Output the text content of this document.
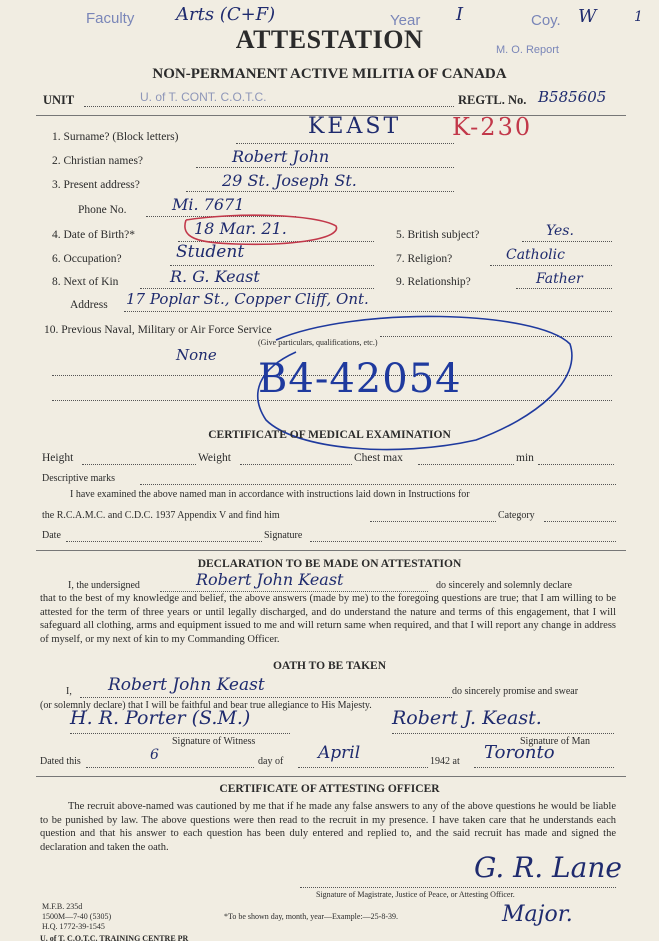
Faculty Arts (C+F)	Year I	Coy. W	1
M. O. Report
ATTESTATION
NON-PERMANENT ACTIVE MILITIA OF CANADA
UNIT	U. of T. CONT. C.O.T.C.	REGTL. No. B585605
1. Surname? (Block letters)	KEAST K-230
2. Christian names?	Robert John
3. Present address?	29 St. Joseph St.
Phone No.	Mi. 7671
4. Date of Birth?*	18 Mar. 21.	5. British subject?	Yes.
6. Occupation?	Student	7. Religion?	Catholic
8. Next of Kin	R. G. Keast	9. Relationship?	Father
Address 17 Poplar St., Copper Cliff, Ont.
10. Previous Naval, Military or Air Force Service
(Give particulars, qualifications, etc.)
None
B4-42054
CERTIFICATE OF MEDICAL EXAMINATION
Height	Weight	Chest max	min
Descriptive marks
I have examined the above named man in accordance with instructions laid down in Instructions for
the R.C.A.M.C. and C.D.C. 1937 Appendix V and find him	Category
Date	Signature
DECLARATION TO BE MADE ON ATTESTATION
I, the undersigned	Robert John Keast	do sincerely and solemnly declare
that to the best of my knowledge and belief, the above answers (made by me) to the foregoing questions are true; that I am willing to be attested for the term of three years or until legally discharged, and do understand the nature and terms of this engagement, that I will safeguard all clothing, arms and equipment issued to me and will return same when required, and that I will report any change in address of myself, or my next of kin to my Commanding Officer.
OATH TO BE TAKEN
I, Robert John Keast	do sincerely promise and swear
(or solemnly declare) that I will be faithful and bear true allegiance to His Majesty.
H. R. Porter (S.M.)	Robert J. Keast.
Signature of Witness	Signature of Man
Dated this	6	day of April	1942 at Toronto
CERTIFICATE OF ATTESTING OFFICER
The recruit above-named was cautioned by me that if he made any false answers to any of the above questions he would be liable to be punished by law. The above questions were then read to the recruit in my presence. I have taken care that he understands each question and that his answer to each question has been duly entered and replied to, and the said recruit has made and signed the declaration and taken the oath.
G. R. Lane
Signature of Magistrate, Justice of Peace, or Attesting Officer.
Major.
M.F.B. 235d
1500M—7-40 (5305)
H.Q. 1772-39-1545
*To be shown day, month, year—Example:—25-8-39.
U. of T. C.O.T.C. TRAINING CENTRE PR
